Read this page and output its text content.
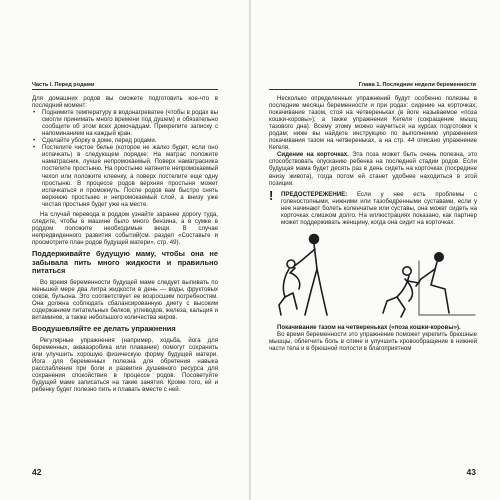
Часть I. Перед родами

Для домашних родов вы сможете подготовить кое-что в последний момент:

• Поднимите температуру в водонагреватее (чтобы в родах вы смогли принимать много времени под душем) и обязательно сообщите об этом всех домочадцам. Прикрепите записку с напоминанием на каждый кран.
• Сделайте уборку в доме, перед родами.
• Постелите чистое белье (которое не жалко будет, если оно испачкать) в следующем порядке: На матрас положите наматрасник, лучше непромокаемый. Поверх наматрасника постелите простыню. На простыню натяните непромокаемый чехол или положите клеенку, а поверх постелите еще одну простыню. В процессе родов верхняя простыня может испачкаться и промокнуть. После родов вам быстро снять верхнюю простыню и непромокаемый слой, а внизу уже чистая простыня будет уже на месте.

На случай перевода в роддом узнайте заранее дорогу туда, следите, чтобы в машине было много бензина, а в сумке в роддом положите необходимые вещи. В случае непредвиденного развития событий(см. раздел «Составьте и просмотрите план родов будущей матери», стр. 49).

Поддерживайте будущую маму, чтобы она не забывала пить много жидкости и правильно питаться

Во время беременности будущей маме следует выпивать по меньшей мере два литра жидкости в день — воды, фруктовых соков, бульона. Это соответствует ее возросшим потребностям. Она должна соблюдать сбалансированную диету с высоким содержанием питательных белков, углеводов, железа, кальция и витаминов, а также небольшого количества жиров.

Воодушевляйте ее делать упражнения

Регулярные упражнения (например, ходьба, йога для беременных, аквааэробика или плавание) помогут сохранить или улучшить хорошую физическую форму будущей матери. Йога для беременных полезна для обретения навыка расслабления при боли и развития душевного ресурса для сохранения спокойствия в процессе родов. Посоветуйте будущей маме записаться на такие занятия. Кроме того, ей и ребенку будет полезно пить и плавать вместе с ней.

42
Глава 1. Последние недели беременности

Несколько определенных упражнений будут особенно полезны в последние месяцы беременности и при родах: сидение на корточках; покачивание тазом, стоя на четвереньках (в йоге называемое «поза кошки-коровы»); а также упражнения Кегеля (сокращение мышц тазового дна). Всему этому можно научиться на курсах подготовки к родам; ниже вы найдете инструкцию по выполнению упражнения покачивания тазом на четвереньках, а на стр. 44 описано упражнение Кегеля.

Сидение на корточках. Эта поза может быть очень полезна, это способствовать опусканию ребенка на последней стадии родов. Если будущая мама будет десять раз в день сидеть на корточках (посредине внизу живота), тогда потом ей станет удобнее находиться в этой позиции.

! ПРЕДОСТЕРЕЖЕНИЕ: Если у нее есть проблемы с голеностопными, нижними или тазобедренными суставами, если у нее начинают болеть коленчатые или суставы, она может сидеть на корточках слишком долго. На иллюстрациях показано, как партнер может поддерживать женщину, когда она сидит на корточках.

Покачивание тазом на четвереньках («поза кошки-коровы»).

Во время беременности это упражнение поможет укрепить брюшные мышцы, облегчить боль в спине и улучшить кровообращение в нижней части тела и в брюшной полости в благоприятном

43
